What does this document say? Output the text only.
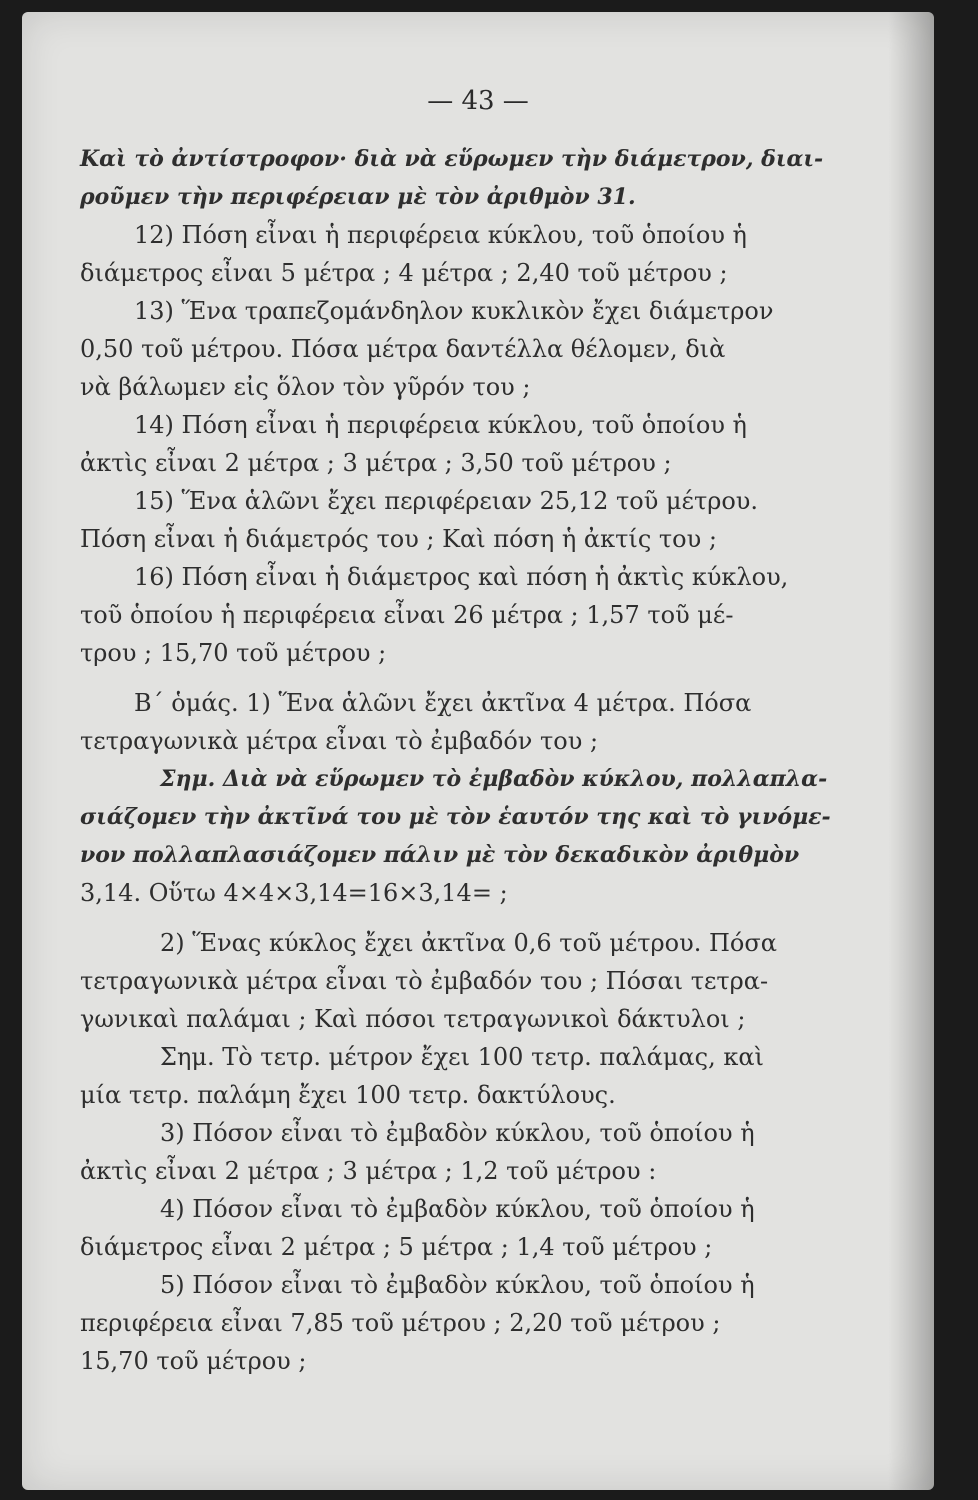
— 43 —
Καὶ τὸ ἀντίστροφον· διὰ νὰ εὕρωμεν τὴν διάμετρον, διαι-
ροῦμεν τὴν περιφέρειαν μὲ τὸν ἀριθμὸν 31.
12) Πόση εἶναι ἡ περιφέρεια κύκλου, τοῦ ὁποίου ἡ
διάμετρος εἶναι 5 μέτρα ; 4 μέτρα ; 2,40 τοῦ μέτρου ;
13) Ἕνα τραπεζομάνδηλον κυκλικὸν ἔχει διάμετρον
0,50 τοῦ μέτρου. Πόσα μέτρα δαντέλλα θέλομεν, διὰ
νὰ βάλωμεν εἰς ὅλον τὸν γῦρόν του ;
14) Πόση εἶναι ἡ περιφέρεια κύκλου, τοῦ ὁποίου ἡ
ἀκτὶς εἶναι 2 μέτρα ; 3 μέτρα ; 3,50 τοῦ μέτρου ;
15) Ἕνα ἁλῶνι ἔχει περιφέρειαν 25,12 τοῦ μέτρου.
Πόση εἶναι ἡ διάμετρός του ; Καὶ πόση ἡ ἀκτίς του ;
16) Πόση εἶναι ἡ διάμετρος καὶ πόση ἡ ἀκτὶς κύκλου,
τοῦ ὁποίου ἡ περιφέρεια εἶναι 26 μέτρα ; 1,57 τοῦ μέ-
τρου ; 15,70 τοῦ μέτρου ;
Β΄ ὁμάς. 1) Ἕνα ἁλῶνι ἔχει ἀκτῖνα 4 μέτρα. Πόσα
τετραγωνικὰ μέτρα εἶναι τὸ ἐμβαδόν του ;
Σημ. Διὰ νὰ εὕρωμεν τὸ ἐμβαδὸν κύκλου, πολλαπλα-
σιάζομεν τὴν ἀκτῖνά του μὲ τὸν ἑαυτόν της καὶ τὸ γινόμε-
νον πολλαπλασιάζομεν πάλιν μὲ τὸν δεκαδικὸν ἀριθμὸν
3,14. Οὕτω 4×4×3,14=16×3,14= ;
2) Ἕνας κύκλος ἔχει ἀκτῖνα 0,6 τοῦ μέτρου. Πόσα
τετραγωνικὰ μέτρα εἶναι τὸ ἐμβαδόν του ; Πόσαι τετρα-
γωνικαὶ παλάμαι ; Καὶ πόσοι τετραγωνικοὶ δάκτυλοι ;
Σημ. Τὸ τετρ. μέτρον ἔχει 100 τετρ. παλάμας, καὶ
μία τετρ. παλάμη ἔχει 100 τετρ. δακτύλους.
3) Πόσον εἶναι τὸ ἐμβαδὸν κύκλου, τοῦ ὁποίου ἡ
ἀκτὶς εἶναι 2 μέτρα ; 3 μέτρα ; 1,2 τοῦ μέτρου :
4) Πόσον εἶναι τὸ ἐμβαδὸν κύκλου, τοῦ ὁποίου ἡ
διάμετρος εἶναι 2 μέτρα ; 5 μέτρα ; 1,4 τοῦ μέτρου ;
5) Πόσον εἶναι τὸ ἐμβαδὸν κύκλου, τοῦ ὁποίου ἡ
περιφέρεια εἶναι 7,85 τοῦ μέτρου ; 2,20 τοῦ μέτρου ;
15,70 τοῦ μέτρου ;
